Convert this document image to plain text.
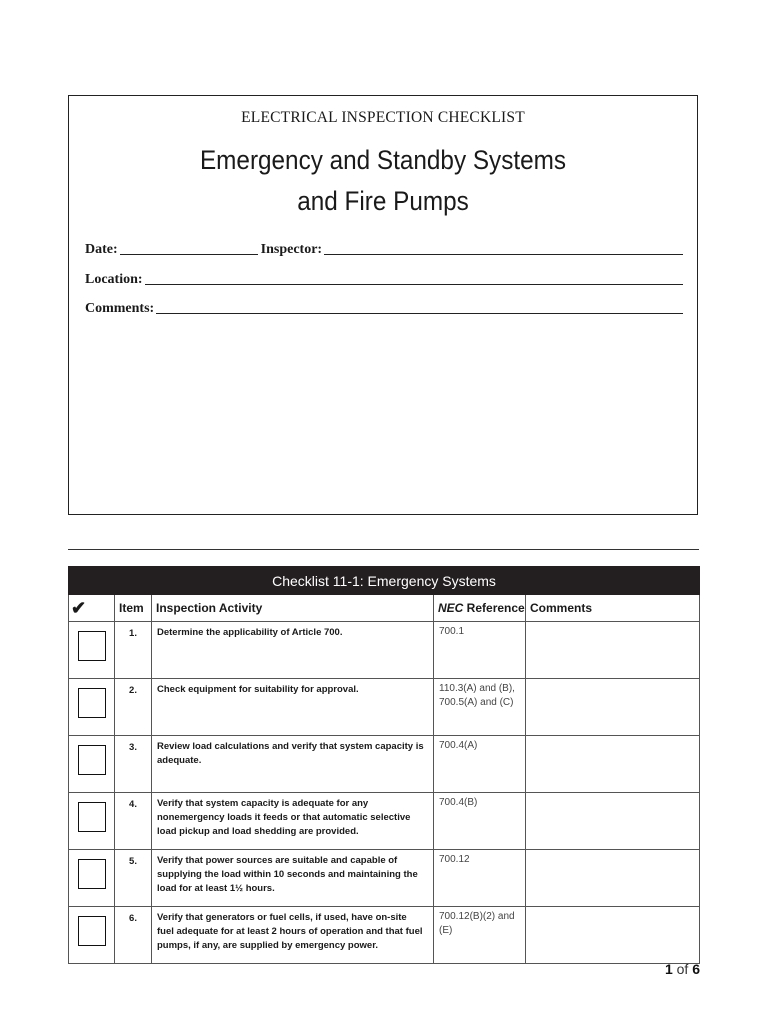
ELECTRICAL INSPECTION CHECKLIST
Emergency and Standby Systems
and Fire Pumps
Date:	Inspector:
Location:
Comments:
Checklist 11-1: Emergency Systems				
✔	Item	Inspection Activity	NEC Reference	Comments
	1.	Determine the applicability of Article 700.	700.1	
	2.	Check equipment for suitability for approval.	110.3(A) and (B), 700.5(A) and (C)	
	3.	Review load calculations and verify that system capacity is adequate.	700.4(A)	
	4.	Verify that system capacity is adequate for any nonemergency loads it feeds or that automatic selective load pickup and load shedding are provided.	700.4(B)	
	5.	Verify that power sources are suitable and capable of supplying the load within 10 seconds and maintaining the load for at least 1½ hours.	700.12	
	6.	Verify that generators or fuel cells, if used, have on-site fuel adequate for at least 2 hours of operation and that fuel pumps, if any, are supplied by emergency power.	700.12(B)(2) and (E)	
1 of 6
